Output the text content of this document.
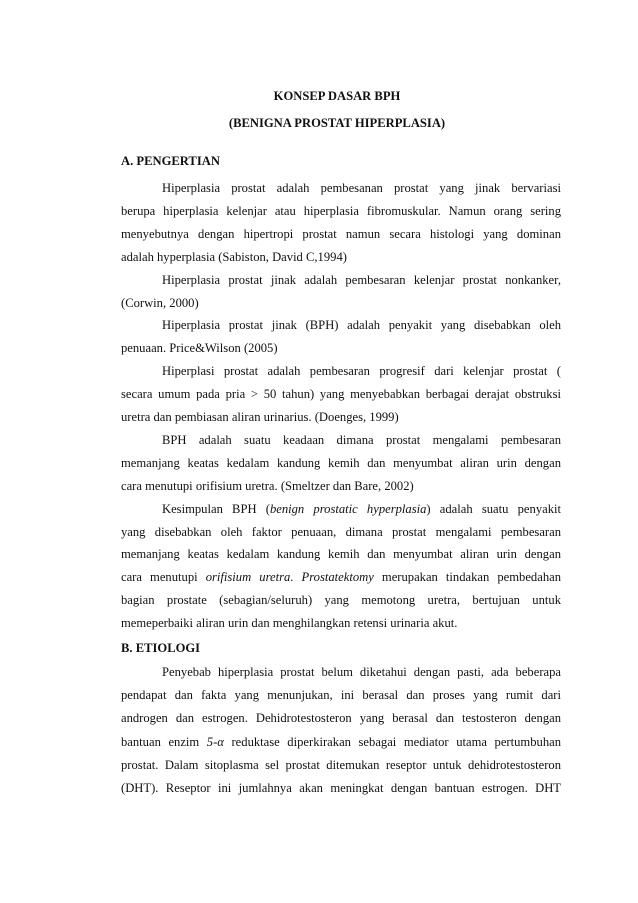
KONSEP DASAR BPH
(BENIGNA PROSTAT HIPERPLASIA)
A. PENGERTIAN
Hiperplasia prostat adalah pembesanan prostat yang jinak bervariasi
berupa hiperplasia kelenjar atau hiperplasia fibromuskular. Namun orang sering
menyebutnya dengan hipertropi prostat namun secara histologi yang dominan
adalah hyperplasia (Sabiston, David C,1994)
Hiperplasia prostat jinak adalah pembesaran kelenjar prostat nonkanker,
(Corwin, 2000)
Hiperplasia prostat jinak (BPH) adalah penyakit yang disebabkan oleh
penuaan. Price&Wilson (2005)
Hiperplasi prostat adalah pembesaran progresif dari kelenjar prostat (
secara umum pada pria > 50 tahun) yang menyebabkan berbagai derajat obstruksi
uretra dan pembiasan aliran urinarius. (Doenges, 1999)
BPH adalah suatu keadaan dimana prostat mengalami pembesaran
memanjang keatas kedalam kandung kemih dan menyumbat aliran urin dengan
cara menutupi orifisium uretra. (Smeltzer dan Bare, 2002)
Kesimpulan BPH (benign prostatic hyperplasia) adalah suatu penyakit
yang disebabkan oleh faktor penuaan, dimana prostat mengalami pembesaran
memanjang keatas kedalam kandung kemih dan menyumbat aliran urin dengan
cara menutupi orifisium uretra. Prostatektomy merupakan tindakan pembedahan
bagian prostate (sebagian/seluruh) yang memotong uretra, bertujuan untuk
memeperbaiki aliran urin dan menghilangkan retensi urinaria akut.
B. ETIOLOGI
Penyebab hiperplasia prostat belum diketahui dengan pasti, ada beberapa
pendapat dan fakta yang menunjukan, ini berasal dan proses yang rumit dari
androgen dan estrogen. Dehidrotestosteron yang berasal dan testosteron dengan
bantuan enzim 5-α reduktase diperkirakan sebagai mediator utama pertumbuhan
prostat. Dalam sitoplasma sel prostat ditemukan reseptor untuk dehidrotestosteron
(DHT). Reseptor ini jumlahnya akan meningkat dengan bantuan estrogen. DHT
